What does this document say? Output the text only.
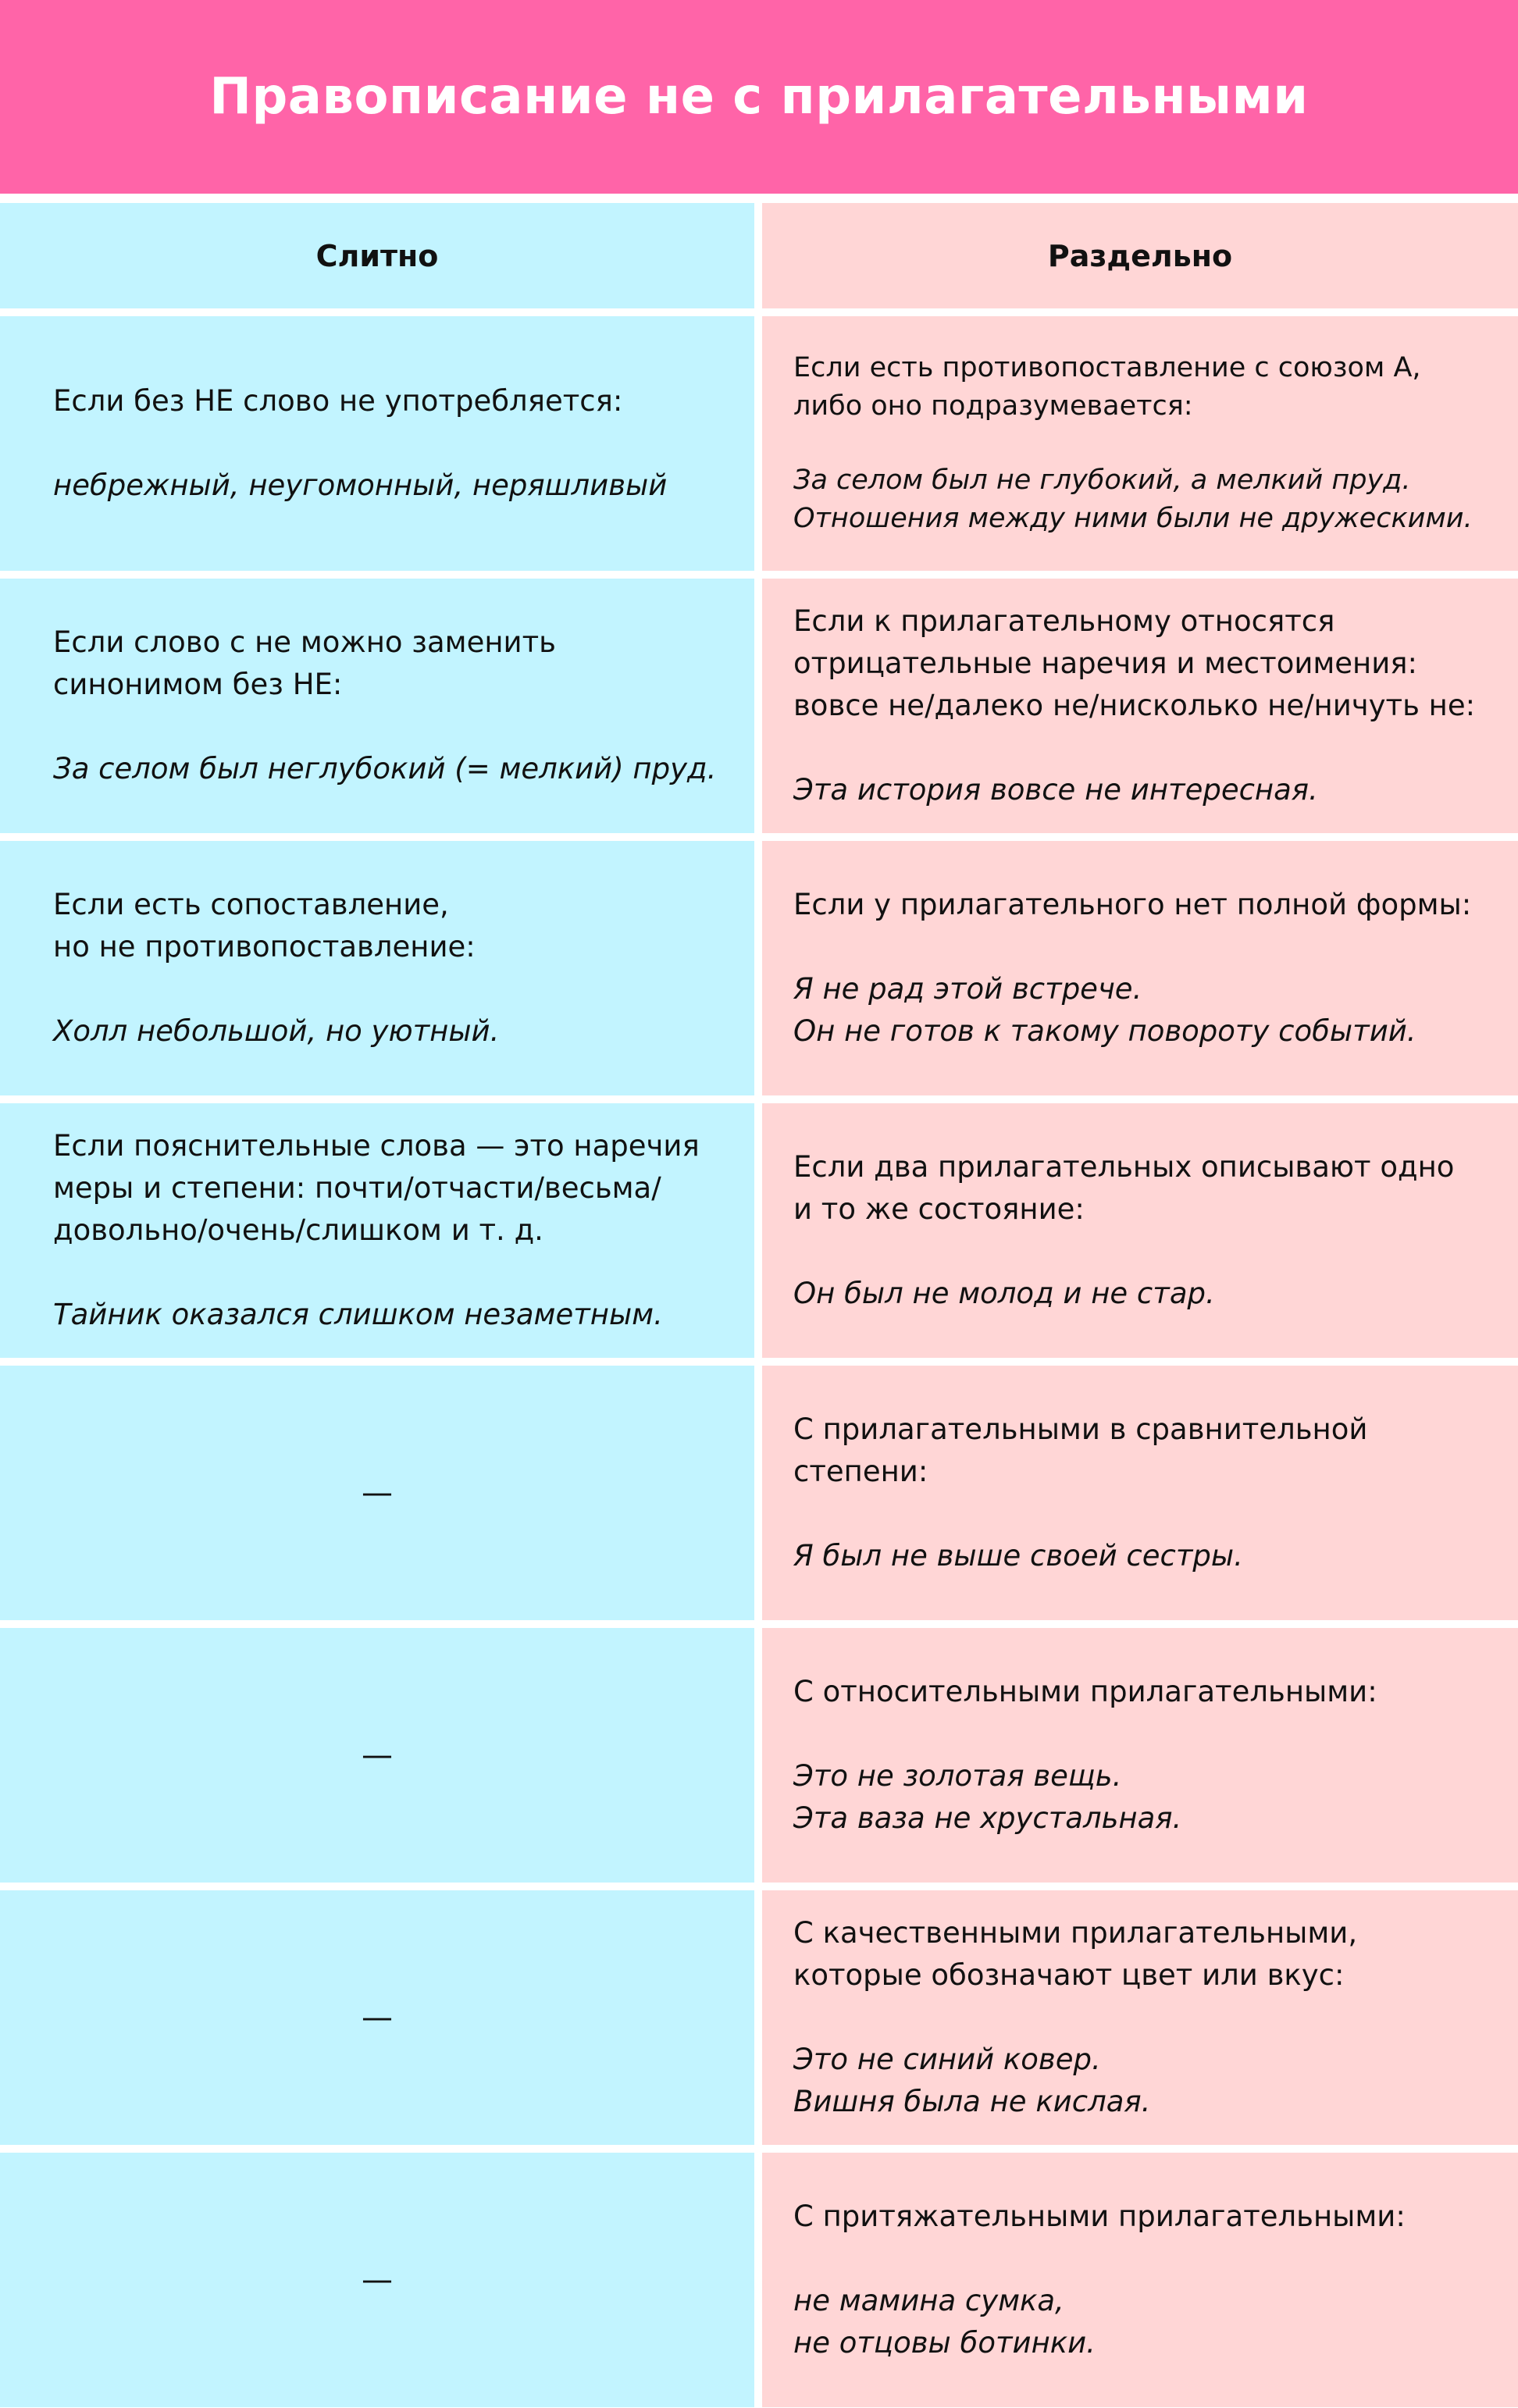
Правописание не с прилагательными
Слитно	Раздельно
Если без НЕ слово не употребляется:
небрежный, неугомонный, неряшливый
Если есть противопоставление с союзом А,
либо оно подразумевается:
За селом был не глубокий, а мелкий пруд.
Отношения между ними были не дружескими.
Если слово с не можно заменить
синонимом без НЕ:
За селом был неглубокий (= мелкий) пруд.
Если к прилагательному относятся
отрицательные наречия и местоимения:
вовсе не/далеко не/нисколько не/ничуть не:
Эта история вовсе не интересная.
Если есть сопоставление,
но не противопоставление:
Холл небольшой, но уютный.
Если у прилагательного нет полной формы:
Я не рад этой встрече.
Он не готов к такому повороту событий.
Если пояснительные слова — это наречия
меры и степени: почти/отчасти/весьма/
довольно/очень/слишком и т. д.
Тайник оказался слишком незаметным.
Если два прилагательных описывают одно
и то же состояние:
Он был не молод и не стар.
—
С прилагательными в сравнительной
степени:
Я был не выше своей сестры.
—
С относительными прилагательными:
Это не золотая вещь.
Эта ваза не хрустальная.
—
С качественными прилагательными,
которые обозначают цвет или вкус:
Это не синий ковер.
Вишня была не кислая.
—
С притяжательными прилагательными:
не мамина сумка,
не отцовы ботинки.
